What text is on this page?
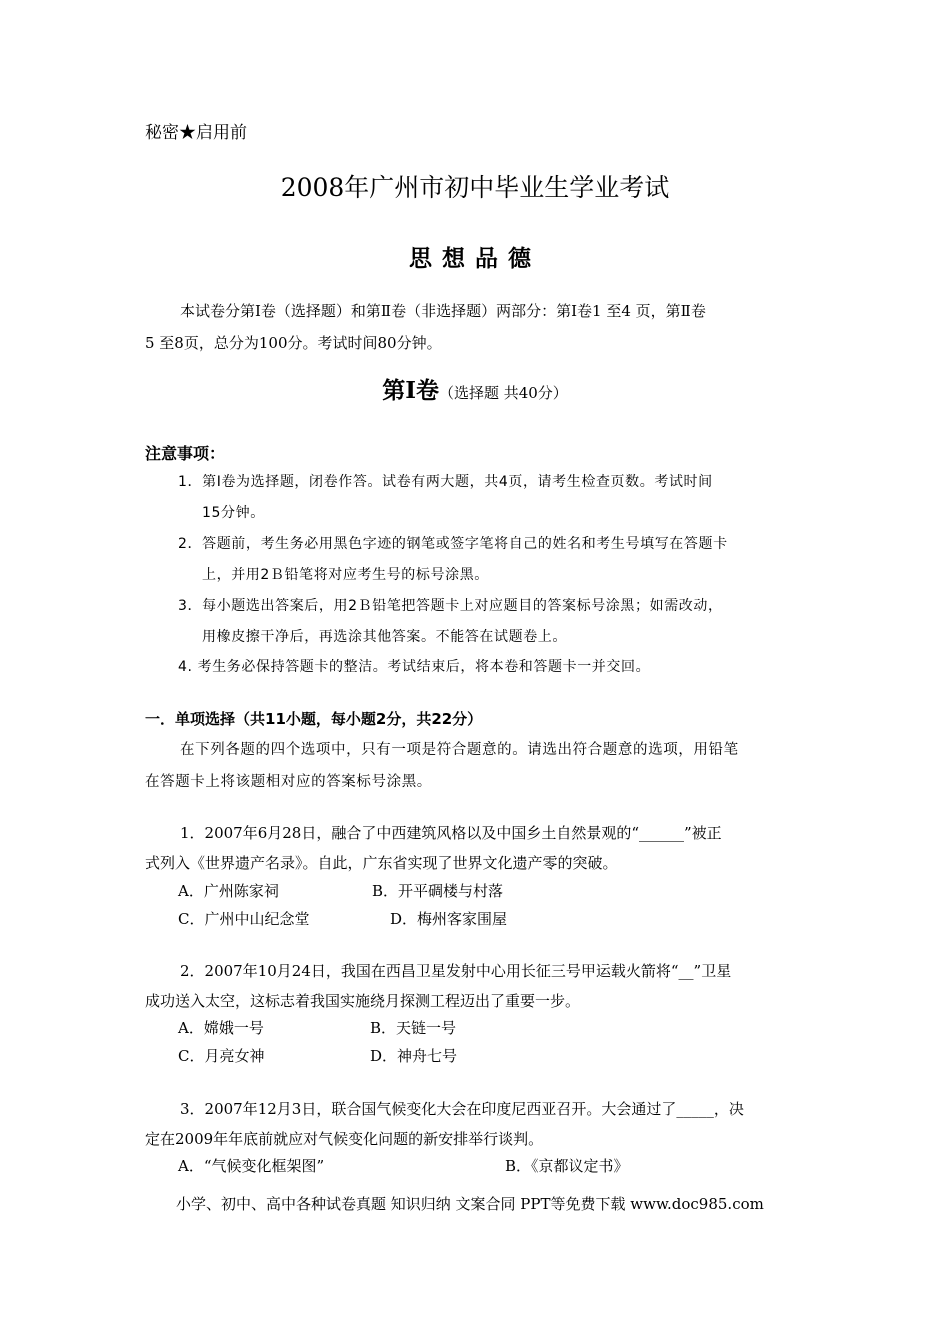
秘密★启用前
2008年广州市初中毕业生学业考试
思想品德
本试卷分第Ⅰ卷（选择题）和第Ⅱ卷（非选择题）两部分：第Ⅰ卷1 至4 页，第Ⅱ卷
5 至8页，总分为100分。考试时间80分钟。
第Ⅰ卷（选择题 共40分）
注意事项：
1．第Ⅰ卷为选择题，闭卷作答。试卷有两大题，共4页，请考生检查页数。考试时间
15分钟。
2．答题前，考生务必用黑色字迹的钢笔或签字笔将自己的姓名和考生号填写在答题卡
上，并用2Ｂ铅笔将对应考生号的标号涂黑。
3．每小题选出答案后，用2Ｂ铅笔把答题卡上对应题目的答案标号涂黑；如需改动，
用橡皮擦干净后，再选涂其他答案。不能答在试题卷上。
4. 考生务必保持答题卡的整洁。考试结束后，将本卷和答题卡一并交回。
一．单项选择（共11小题，每小题2分，共22分）
在下列各题的四个选项中，只有一项是符合题意的。请选出符合题意的选项，用铅笔
在答题卡上将该题相对应的答案标号涂黑。
1．2007年6月28日，融合了中西建筑风格以及中国乡土自然景观的“______”被正
式列入《世界遗产名录》。自此，广东省实现了世界文化遗产零的突破。
A．广州陈家祠	B．开平碉楼与村落
C．广州中山纪念堂	D．梅州客家围屋
2．2007年10月24日，我国在西昌卫星发射中心用长征三号甲运载火箭将“__”卫星
成功送入太空，这标志着我国实施绕月探测工程迈出了重要一步。
A．嫦娥一号	B．天链一号
C．月亮女神	D．神舟七号
3．2007年12月3日，联合国气候变化大会在印度尼西亚召开。大会通过了_____，决
定在2009年年底前就应对气候变化问题的新安排举行谈判。
A．“气候变化框架图”	B．《京都议定书》
小学、初中、高中各种试卷真题 知识归纳 文案合同 PPT等免费下载 www.doc985.com
